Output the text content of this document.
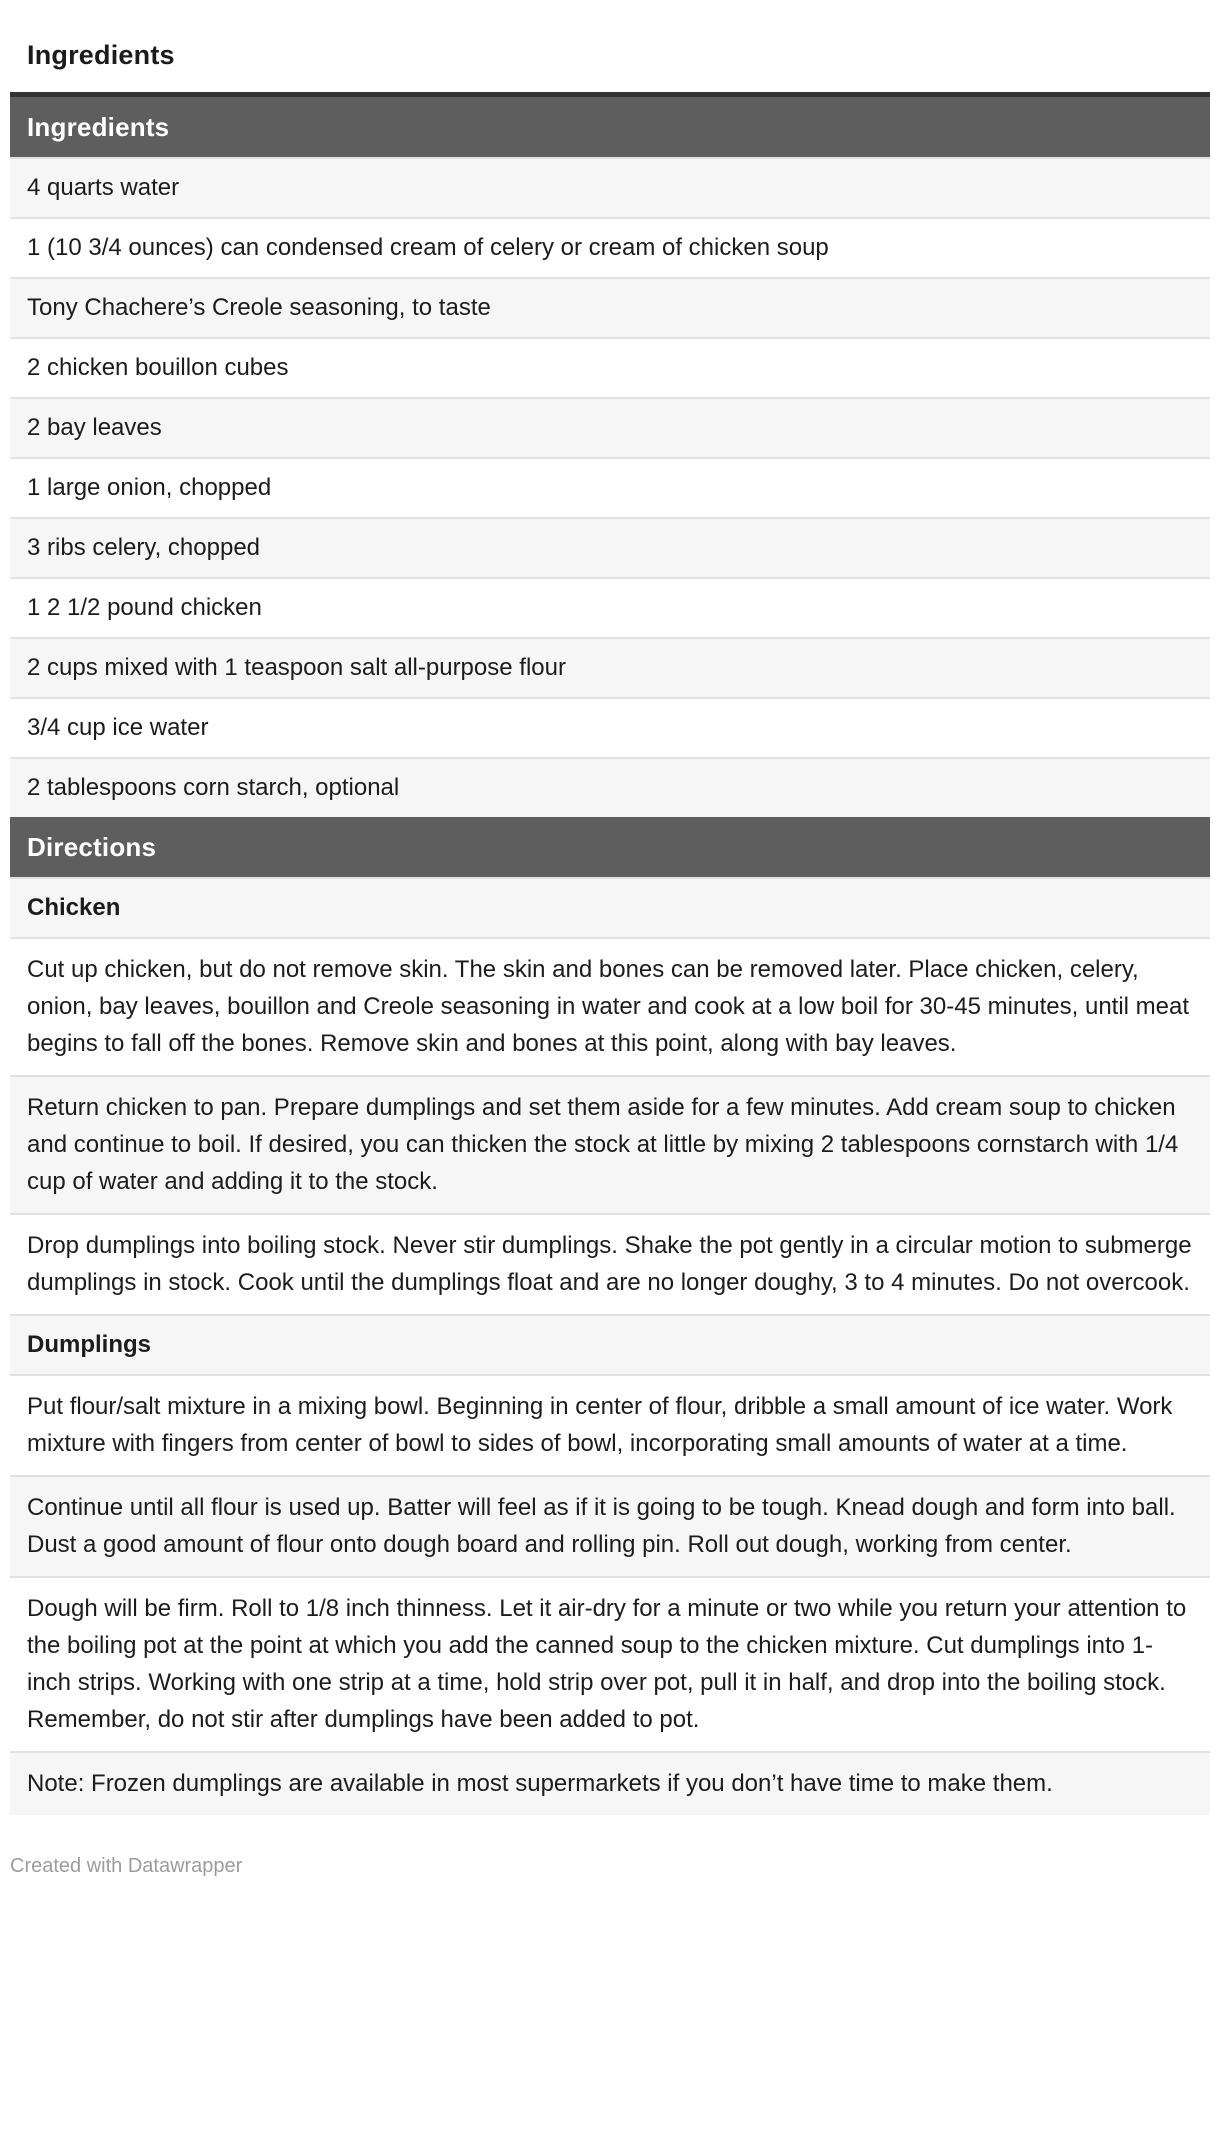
Ingredients
Ingredients
4 quarts water
1 (10 3/4 ounces) can condensed cream of celery or cream of chicken soup
Tony Chachere’s Creole seasoning, to taste
2 chicken bouillon cubes
2 bay leaves
1 large onion, chopped
3 ribs celery, chopped
1 2 1/2 pound chicken
2 cups mixed with 1 teaspoon salt all-purpose flour
3/4 cup ice water
2 tablespoons corn starch, optional
Directions
Chicken
Cut up chicken, but do not remove skin. The skin and bones can be removed later. Place chicken, celery, onion, bay leaves, bouillon and Creole seasoning in water and cook at a low boil for 30-45 minutes, until meat begins to fall off the bones. Remove skin and bones at this point, along with bay leaves.
Return chicken to pan. Prepare dumplings and set them aside for a few minutes. Add cream soup to chicken and continue to boil. If desired, you can thicken the stock at little by mixing 2 tablespoons cornstarch with 1/4 cup of water and adding it to the stock.
Drop dumplings into boiling stock. Never stir dumplings. Shake the pot gently in a circular motion to submerge dumplings in stock. Cook until the dumplings float and are no longer doughy, 3 to 4 minutes. Do not overcook.
Dumplings
Put flour/salt mixture in a mixing bowl. Beginning in center of flour, dribble a small amount of ice water. Work mixture with fingers from center of bowl to sides of bowl, incorporating small amounts of water at a time.
Continue until all flour is used up. Batter will feel as if it is going to be tough. Knead dough and form into ball. Dust a good amount of flour onto dough board and rolling pin. Roll out dough, working from center.
Dough will be firm. Roll to 1/8 inch thinness. Let it air-dry for a minute or two while you return your attention to the boiling pot at the point at which you add the canned soup to the chicken mixture. Cut dumplings into 1-inch strips. Working with one strip at a time, hold strip over pot, pull it in half, and drop into the boiling stock. Remember, do not stir after dumplings have been added to pot.
Note: Frozen dumplings are available in most supermarkets if you don’t have time to make them.
Created with Datawrapper
